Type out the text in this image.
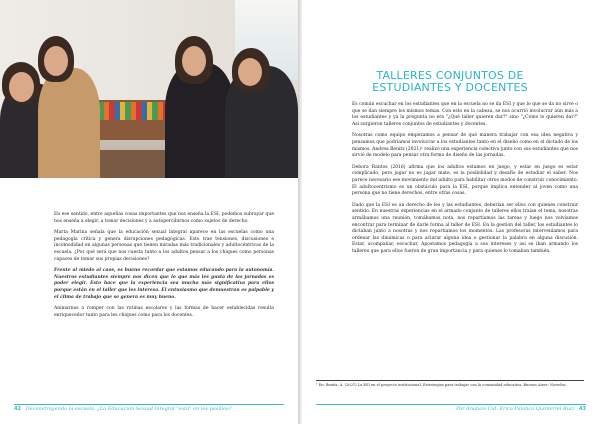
En ese sentido, entre aquellas cosas importantes que nos enseña la ESI, podemos subrayar que nos enseña a elegir, a tomar decisiones y a autopercibirnos como sujetos de derecho.

Marta Marina señala que la educación sexual integral aparece en las escuelas como una pedagogía crítica y genera disrupciones pedagógicas. Esto trae tensiones, discusiones e incomodidad en algunas personas que tienen miradas más tradicionales y adultocéntricas de la escuela. ¿Por qué será que nos cuesta tanto a los adultos pensar a los chiques como personas capaces de tomar sus propias decisiones?

Frente al miedo al caos, es bueno recordar que estamos educando para la autonomía. Nuestros estudiantes siempre nos dicen que lo que más les gusta de las jornadas es poder elegir. Esto hace que la experiencia sea mucho más significativa para ellos porque están en el taller que les interesa. El entusiasmo que demuestran es palpable y el clima de trabajo que se genera es muy bueno.

Animarnos a romper con las rutinas escolares y las formas de hacer establecidas resulta enriquecedor tanto para les chiques como para los docentes.

42 Deconstruyendo la escuela. ¿La Educación Sexual Integral "está" en los pasillos?
TALLERES CONJUNTOS DE
ESTUDIANTES Y DOCENTES

Es común escuchar en los estudiantes que en la escuela no se da ESI y que lo que se da no sirve o que se dan siempre los mismos temas. Con esto en la cabeza, se nos ocurrió involucrar aún más a los estudiantes y ya la pregunta no era "¿Qué taller quieren dar?" sino "¿Cómo lo quieren dar?" Así surgieron talleres conjuntos de estudiantes y docentes.

Nosotras como equipo empezamos a pensar de qué manera trabajar con esa idea negativa y pensamos que podríamos involucrar a los estudiantes tanto en el diseño como en el dictado de los mismos. Andrea Benitz (2021)¹ realizó una experiencia colectiva junto con sus estudiantes que nos sirvió de modelo para pensar otra forma de diseño de las jornadas.

Debora Rantos (2016) afirma que los adultos estamos en juego, y estar en juego es estar complicado, pero jugar no es jugar mate, es la posibilidad y desafío de estudiar el saber. Nos parece necesario ese movimiento del adulto para habilitar otros modos de construir conocimiento. El adultocentrismo es un obstáculo para la ESI, porque implica entender al joven como una persona que no tiene derechos, entre otras cosas.

Dado que la ESI es un derecho de les y las estudiantes, deberían ser ellos con quienes construir sentido. En nuestras experiencias en el armado conjunto de talleres ellos traían el tema, nosotras armábamos una reunión, tomábamos nota, nos repartíamos las tareas y luego nos volvíamos encontrar para terminar de darle forma al taller de ESI. En la gestión del taller, los estudiantes lo dictaban junto a nosotras y nos repartíamos los momentos. Las profesoras interveníamos para ordenar las dinámicas o para aclarar alguna idea o gestionar la palabra en alguna discusión. Estar, acompañar, escuchar, Apostamos pedagogía a sus intereses y así se iban armando los talleres que para ellos fueron de gran importancia y para quienes lo tomaban también.

¹ En: Benitz, A. (2021) La ESI en el proyecto institucional. Estrategias para trabajar con la comunidad educativa. Buenos Aires: Noveduc.
Por Analuzs Cid, Erica Palanca Quinteriel Ruiz 43
